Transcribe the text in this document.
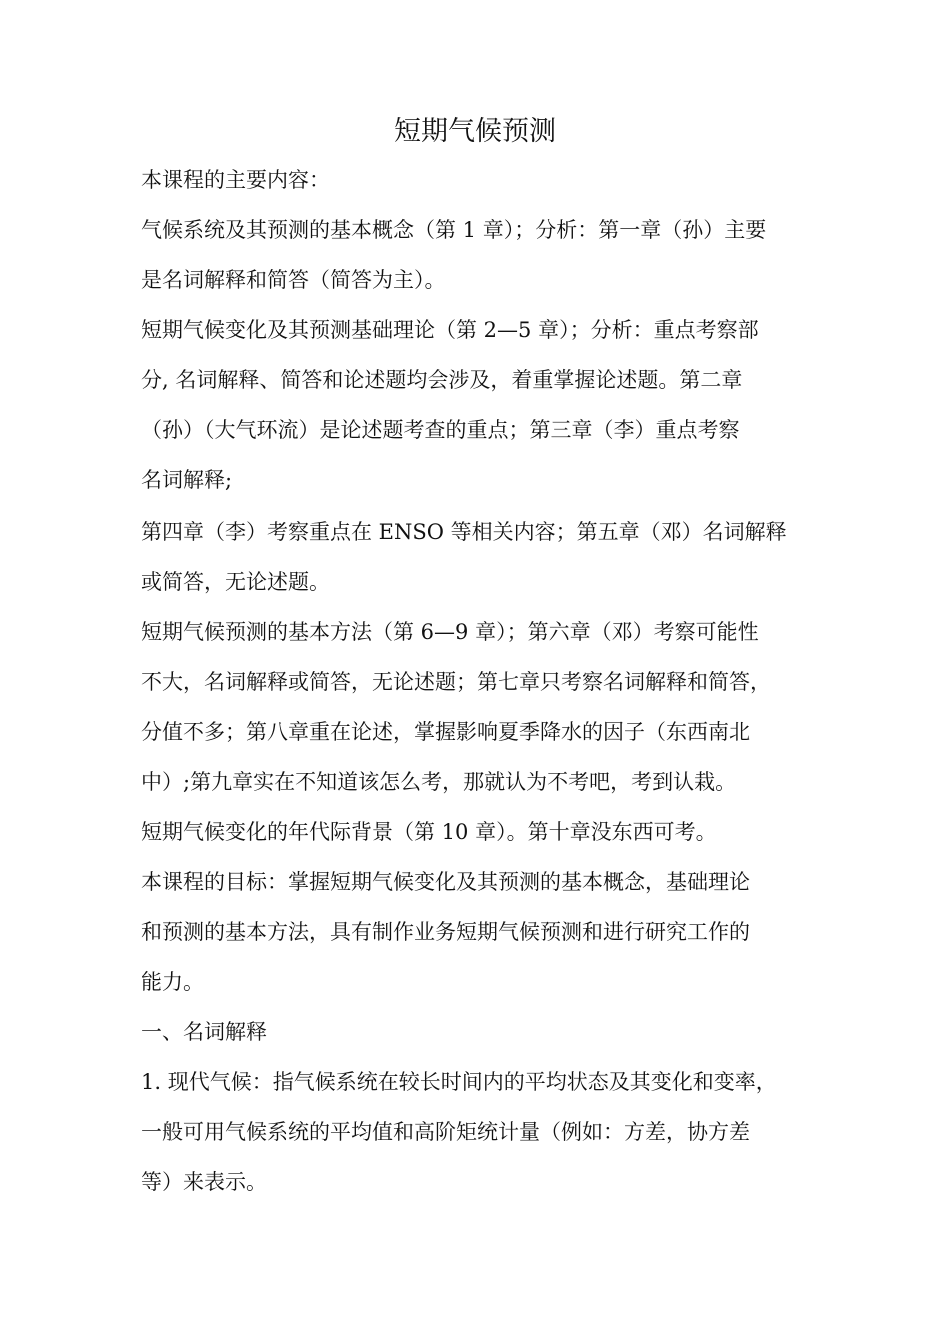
短期气候预测
本课程的主要内容：
气候系统及其预测的基本概念（第 1 章）；分析：第一章（孙）主要
是名词解释和简答（简答为主）。
短期气候变化及其预测基础理论（第 2—5 章）；分析：重点考察部
分, 名词解释、简答和论述题均会涉及，着重掌握论述题。第二章
（孙）（大气环流）是论述题考查的重点；第三章（李）重点考察
名词解释;
第四章（李）考察重点在 ENSO 等相关内容；第五章（邓）名词解释
或简答，无论述题。
短期气候预测的基本方法（第 6—9 章）；第六章（邓）考察可能性
不大，名词解释或简答，无论述题；第七章只考察名词解释和简答，
分值不多；第八章重在论述，掌握影响夏季降水的因子（东西南北
中）;第九章实在不知道该怎么考，那就认为不考吧，考到认栽。
短期气候变化的年代际背景（第 10 章）。第十章没东西可考。
本课程的目标：掌握短期气候变化及其预测的基本概念，基础理论
和预测的基本方法，具有制作业务短期气候预测和进行研究工作的
能力。
一、名词解释
1. 现代气候：指气候系统在较长时间内的平均状态及其变化和变率，
一般可用气候系统的平均值和高阶矩统计量（例如：方差，协方差
等）来表示。
